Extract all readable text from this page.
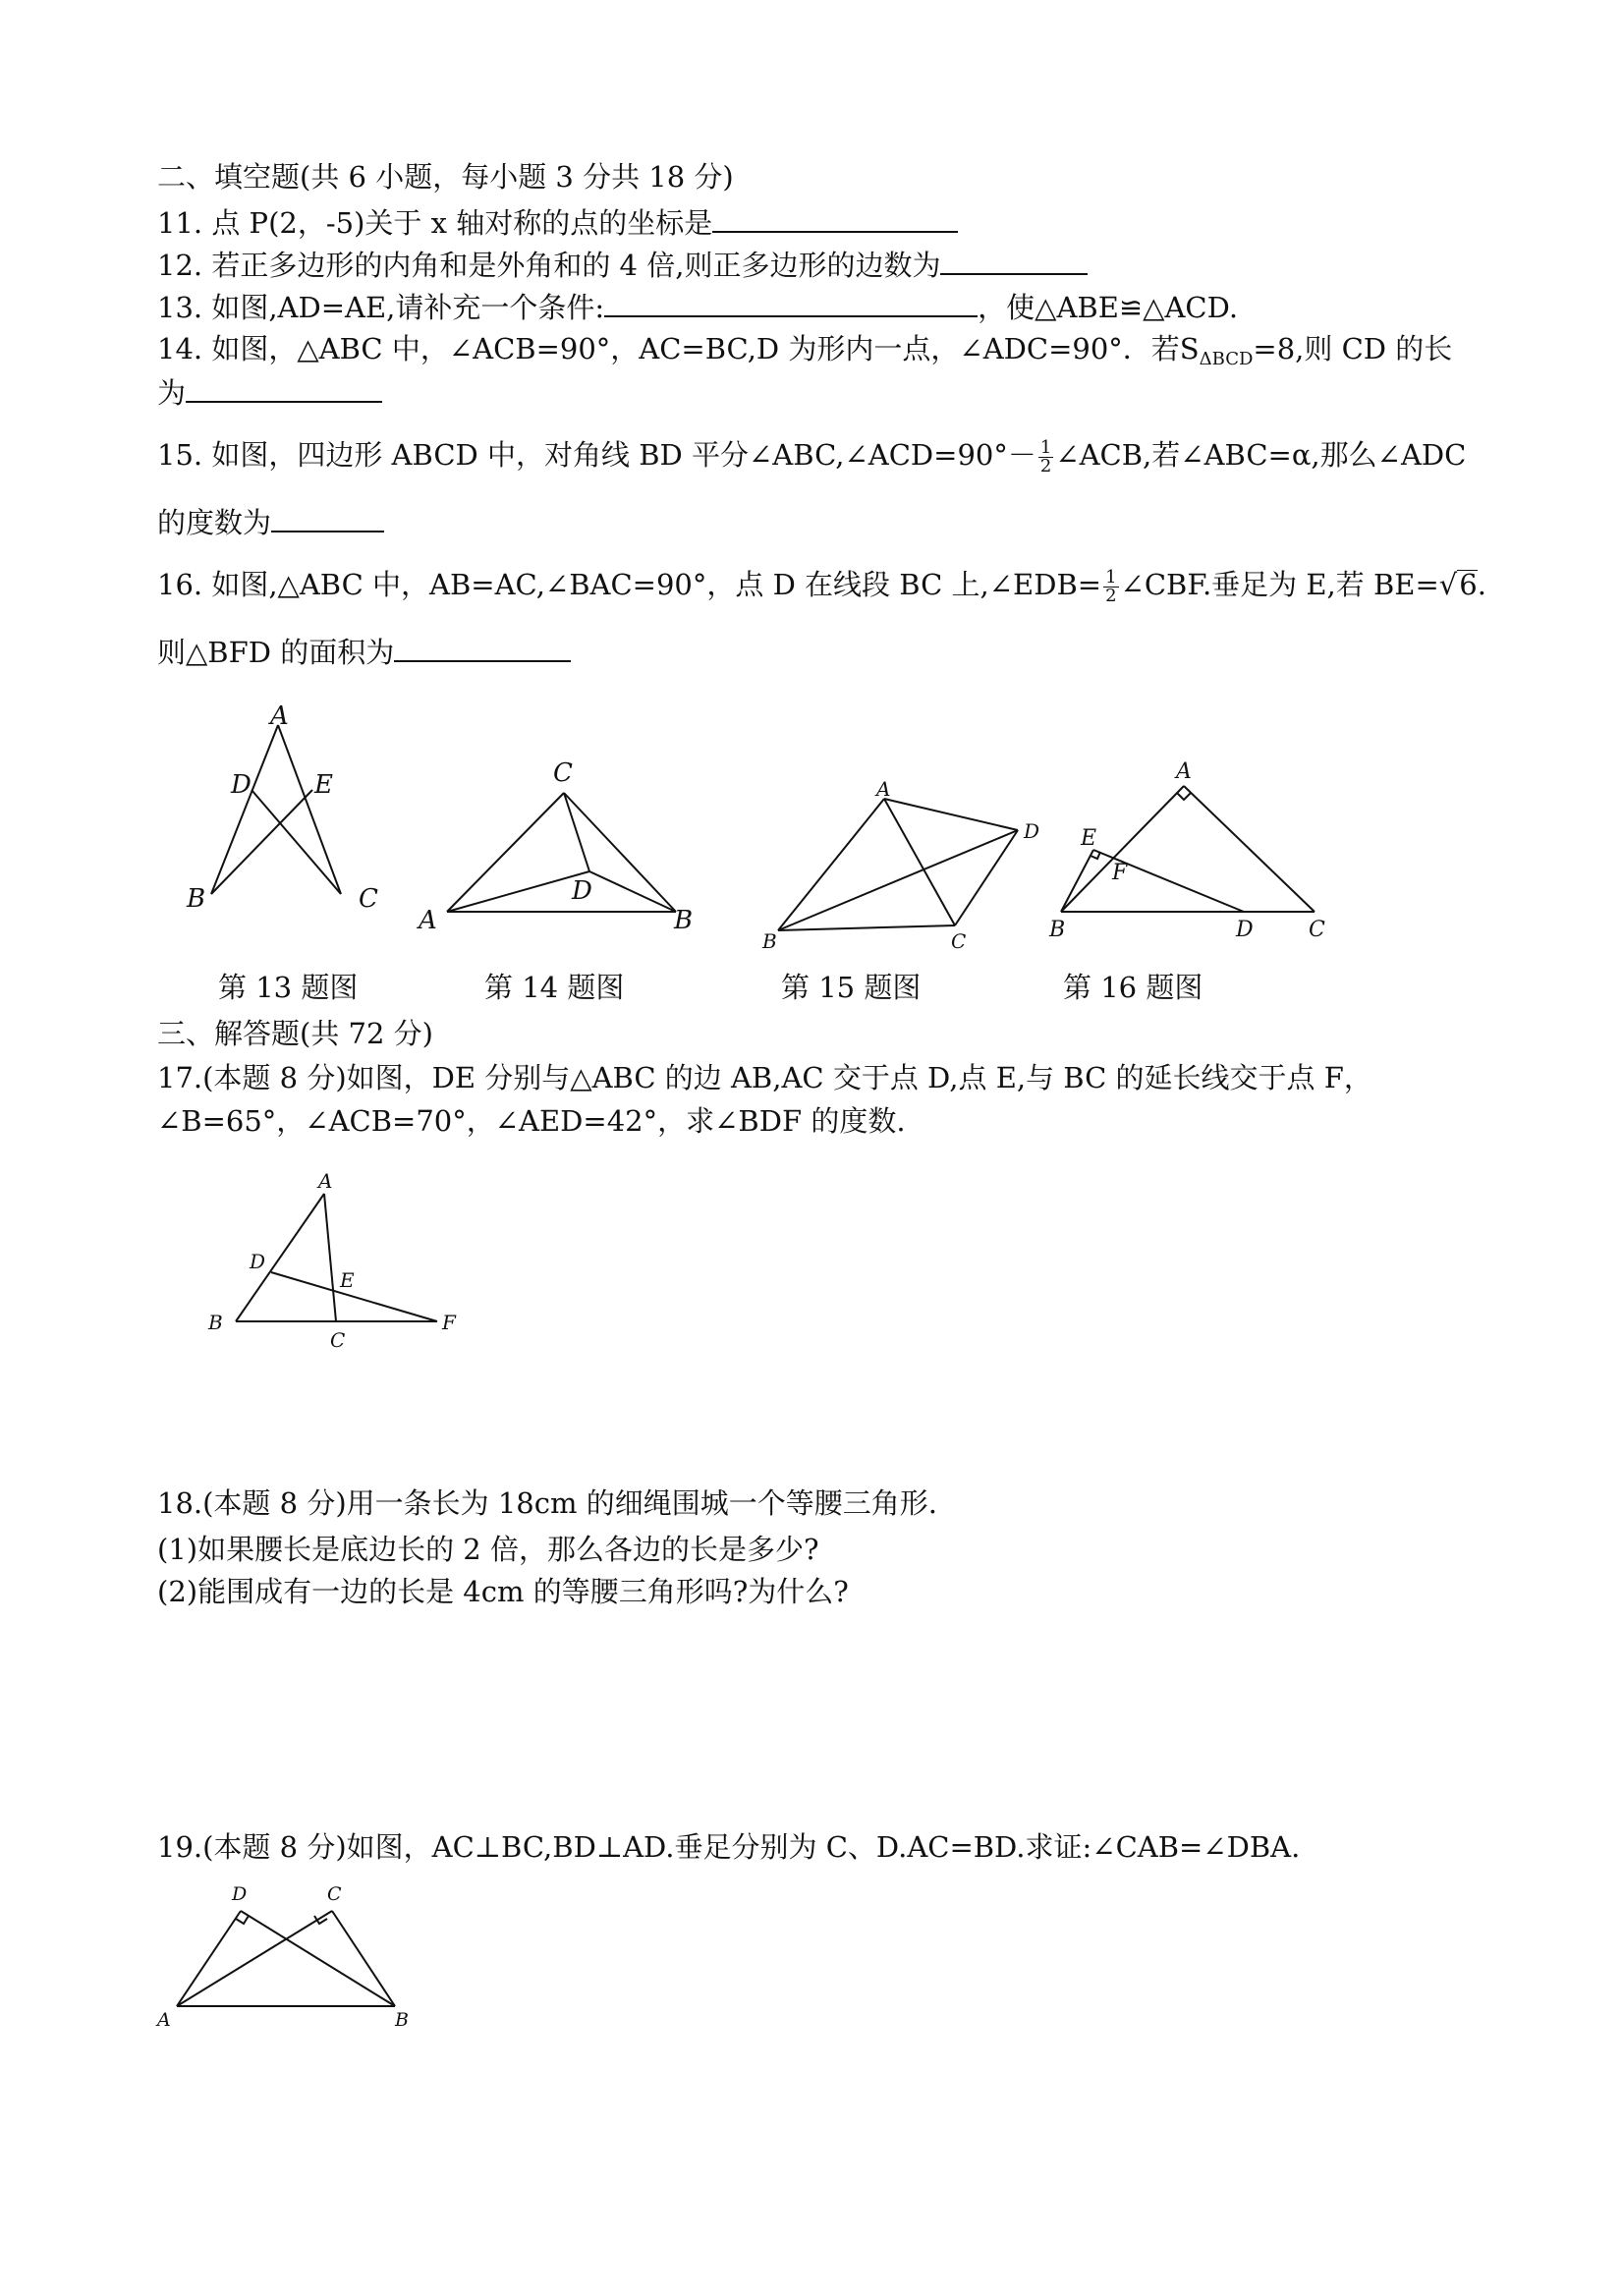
二、填空题(共 6 小题，每小题 3 分共 18 分)
11. 点 P(2，-5)关于 x 轴对称的点的坐标是
12. 若正多边形的内角和是外角和的 4 倍,则正多边形的边数为
13. 如图,AD=AE,请补充一个条件:	，使△ABE≌△ACD.
14. 如图，△ABC 中，∠ACB=90°，AC=BC,D 为形内一点，∠ADC=90°．若$S_{\Delta BCD}=8$,则 CD 的长
为
15. 如图，四边形 ABCD 中，对角线 BD 平分∠ABC,∠ACD=90°－ $\frac{1}{2}$ ∠ACB,若∠ABC=α,那么∠ADC
的度数为
16. 如图,△ABC 中，AB=AC,∠BAC=90°，点 D 在线段 BC 上,∠EDB= $\frac{1}{2}$ ∠CBF.垂足为 E,若 BE=√6.
则△BFD 的面积为
A
D E
B	C
C
D
A	B
A
D
B	C
A
E
F
B	D	C
第 13 题图	第 14 题图	第 15 题图	第 16 题图
三、解答题(共 72 分)
17.(本题 8 分)如图，DE 分别与△ABC 的边 AB,AC 交于点 D,点 E,与 BC 的延长线交于点 F，
∠B=65°，∠ACB=70°，∠AED=42°，求∠BDF 的度数.
A
D
E
B
C
F
18.(本题 8 分)用一条长为 18cm 的细绳围城一个等腰三角形.
(1)如果腰长是底边长的 2 倍，那么各边的长是多少?
(2)能围成有一边的长是 4cm 的等腰三角形吗?为什么?
19.(本题 8 分)如图，AC⊥BC,BD⊥AD.垂足分别为 C、D.AC=BD.求证:∠CAB=∠DBA.
D	C
A	B
